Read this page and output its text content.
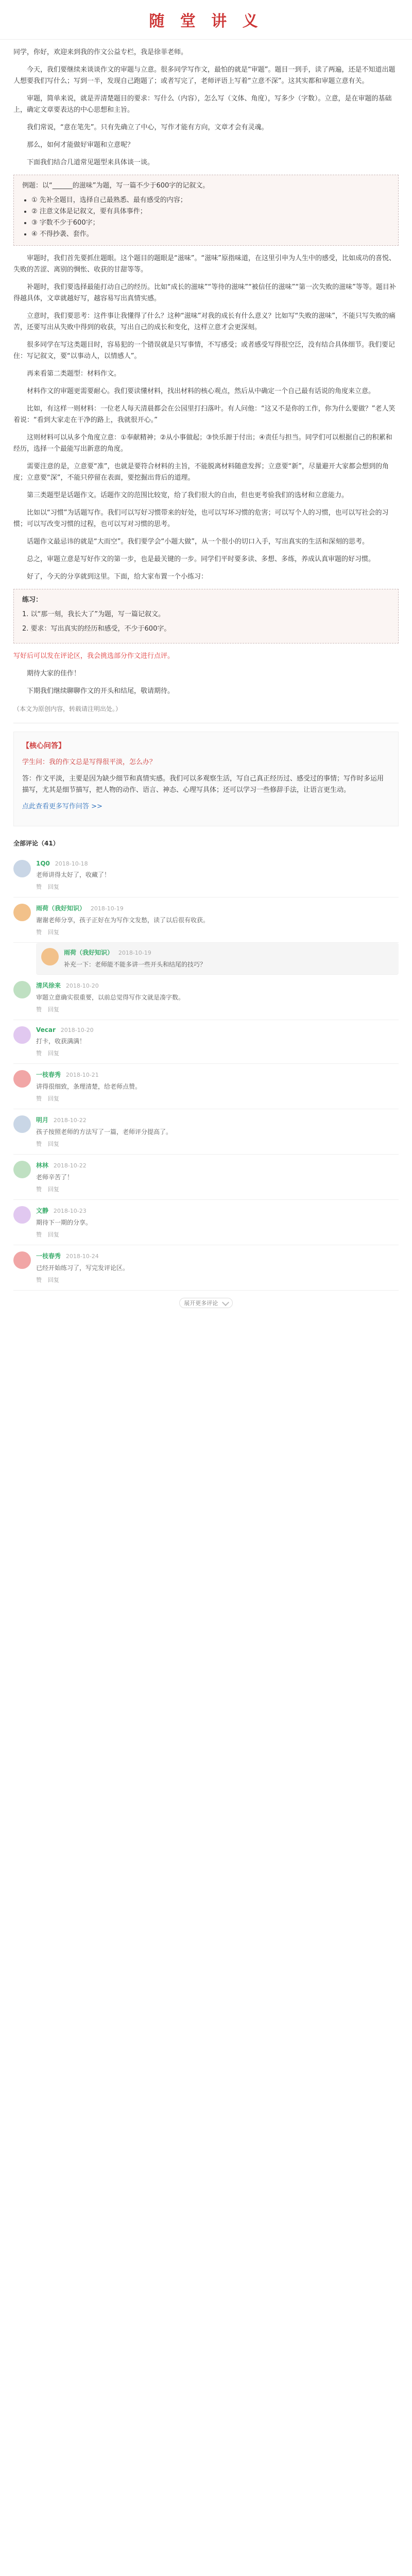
随 堂 讲 义

同学，你好，欢迎来到我的作文公益专栏，我是徐菲老师。

今天，我们要继续来谈谈作文的审题与立意。很多同学写作文，最怕的就是“审题”。题目一到手，读了两遍，还是不知道出题人想要我们写什么；写到一半，发现自己跑题了；或者写完了，老师评语上写着“立意不深”。这其实都和审题立意有关。

审题，简单来说，就是弄清楚题目的要求：写什么（内容），怎么写（文体、角度），写多少（字数）。立意，是在审题的基础上，确定文章要表达的中心思想和主旨。

我们常说，“意在笔先”。只有先确立了中心，写作才能有方向，文章才会有灵魂。

那么，如何才能做好审题和立意呢？

下面我们结合几道常见题型来具体谈一谈。

例题：以“______的滋味”为题，写一篇不少于600字的记叙文。

• ① 先补全题目，选择自己最熟悉、最有感受的内容；
• ② 注意文体是记叙文，要有具体事件；
• ③ 字数不少于600字；
• ④ 不得抄袭、套作。

审题时，我们首先要抓住题眼。这个题目的题眼是“滋味”。“滋味”原指味道，在这里引申为人生中的感受，比如成功的喜悦、失败的苦涩、离别的惆怅、收获的甘甜等等。

补题时，我们要选择最能打动自己的经历。比如“成长的滋味”“等待的滋味”“被信任的滋味”“第一次失败的滋味”等等。题目补得越具体，文章就越好写，越容易写出真情实感。

立意时，我们要思考：这件事让我懂得了什么？这种“滋味”对我的成长有什么意义？比如写“失败的滋味”，不能只写失败的痛苦，还要写出从失败中得到的收获，写出自己的成长和变化，这样立意才会更深刻。

很多同学在写这类题目时，容易犯的一个错误就是只写事情，不写感受；或者感受写得很空泛，没有结合具体细节。我们要记住：写记叙文，要“以事动人，以情感人”。

再来看第二类题型：材料作文。

材料作文的审题更需要耐心。我们要读懂材料，找出材料的核心观点，然后从中确定一个自己最有话说的角度来立意。

比如，有这样一则材料：一位老人每天清晨都会在公园里打扫落叶。有人问他：“这又不是你的工作，你为什么要做？”老人笑着说：“看到大家走在干净的路上，我就很开心。”

这则材料可以从多个角度立意：①奉献精神；②从小事做起；③快乐源于付出；④责任与担当。同学们可以根据自己的积累和经历，选择一个最能写出新意的角度。

需要注意的是，立意要“准”，也就是要符合材料的主旨，不能脱离材料随意发挥；立意要“新”，尽量避开大家都会想到的角度；立意要“深”，不能只停留在表面，要挖掘出背后的道理。

第三类题型是话题作文。话题作文的范围比较宽，给了我们很大的自由，但也更考验我们的选材和立意能力。

比如以“习惯”为话题写作。我们可以写好习惯带来的好处，也可以写坏习惯的危害；可以写个人的习惯，也可以写社会的习惯；可以写改变习惯的过程，也可以写对习惯的思考。

话题作文最忌讳的就是“大而空”。我们要学会“小题大做”，从一个很小的切口入手，写出真实的生活和深刻的思考。

总之，审题立意是写好作文的第一步，也是最关键的一步。同学们平时要多读、多想、多练，养成认真审题的好习惯。

好了，今天的分享就到这里。下面，给大家布置一个小练习：

练习：

1. 以“那一刻，我长大了”为题，写一篇记叙文。

2. 要求：写出真实的经历和感受，不少于600字。

写好后可以发在评论区，我会挑选部分作文进行点评。

期待大家的佳作！

下期我们继续聊聊作文的开头和结尾，敬请期待。

（本文为原创内容，转载请注明出处。）

【核心问答】

学生问：我的作文总是写得很平淡，怎么办？

答：作文平淡，主要是因为缺少细节和真情实感。我们可以多观察生活，写自己真正经历过、感受过的事情；写作时多运用描写，尤其是细节描写，把人物的动作、语言、神态、心理写具体；还可以学习一些修辞手法，让语言更生动。

点此查看更多写作问答 >>

全部评论（41）
1Q0 2018-10-18
老师讲得太好了，收藏了！
赞 回复
雨荷（我好知识） 2018-10-19
谢谢老师分享，孩子正好在为写作文发愁，读了以后很有收获。
赞 回复
雨荷（我好知识） 2018-10-19
补充一下：老师能不能多讲一些开头和结尾的技巧？
清风徐来 2018-10-20
审题立意确实很重要，以前总觉得写作文就是凑字数。
赞 回复
Vecar 2018-10-20
打卡，收获满满！
赞 回复
一枝春秀 2018-10-21
讲得很细致，条理清楚，给老师点赞。
赞 回复
明月 2018-10-22
孩子按照老师的方法写了一篇，老师评分提高了。
赞 回复
林林 2018-10-22
老师辛苦了！
赞 回复
文静 2018-10-23
期待下一期的分享。
赞 回复
一枝春秀 2018-10-24
已经开始练习了，写完发评论区。
赞 回复
展开更多评论
